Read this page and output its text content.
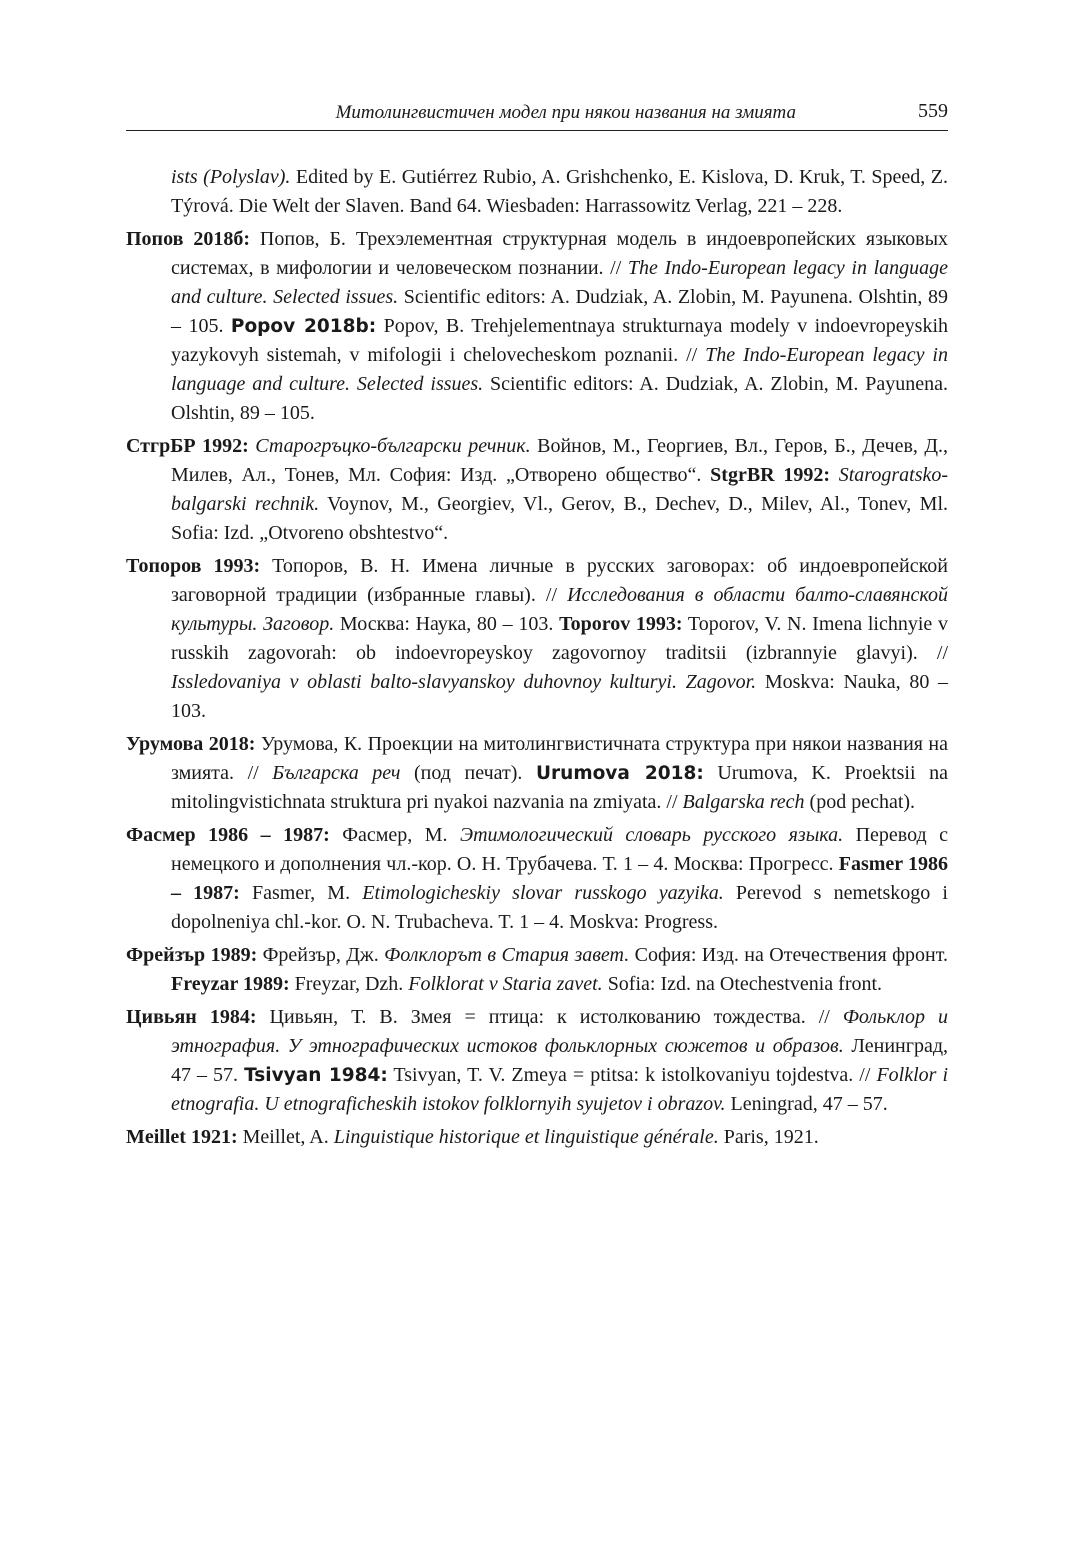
Митолингвистичен модел при някои названия на змията	559
ists (Polyslav). Edited by E. Gutiérrez Rubio, A. Grishchenko, E. Kislova, D. Kruk, T. Speed, Z. Týrová. Die Welt der Slaven. Band 64. Wiesbaden: Harrassowitz Verlag, 221 – 228.
Попов 2018б: Попов, Б. Трехэлементная структурная модель в индоевропейских языковых системах, в мифологии и человеческом познании. // The Indo-European legacy in language and culture. Selected issues. Scientific editors: A. Dudziak, A. Zlobin, M. Payunena. Olshtin, 89 – 105. Popov 2018b: Popov, B. Trehjelementnaya strukturnaya modely v indoevropeyskih yazykovyh sistemah, v mifologii i chelovecheskom poznanii. // The Indo-European legacy in language and culture. Selected issues. Scientific editors: A. Dudziak, A. Zlobin, M. Payunena. Olshtin, 89 – 105.
СтгрБР 1992: Старогръцко-български речник. Войнов, М., Георгиев, Вл., Геров, Б., Дечев, Д., Милев, Ал., Тонев, Мл. София: Изд. „Отворено общество“. StgrBR 1992: Starogratsko-balgarski rechnik. Voynov, M., Georgiev, Vl., Gerov, B., Dechev, D., Milev, Al., Tonev, Ml. Sofia: Izd. „Otvoreno obshtestvo“.
Топоров 1993: Топоров, В. Н. Имена личные в русских заговорах: об индоевропейской заговорной традиции (избранные главы). // Исследования в области балто-славянской культуры. Заговор. Москва: Наука, 80 – 103. Toporov 1993: Toporov, V. N. Imena lichnyie v russkih zagovorah: ob indoevropeyskoy zagovornoy traditsii (izbrannyie glavyi). // Issledovaniya v oblasti balto-slavyanskoy duhovnoy kulturyi. Zagovor. Moskva: Nauka, 80 – 103.
Урумова 2018: Урумова, К. Проекции на митолингвистичната структура при някои названия на змията. // Българска реч (под печат). Urumova 2018: Urumova, K. Proektsii na mitolingvistichnata struktura pri nyakoi nazvania na zmiyata. // Balgarska rech (pod pechat).
Фасмер 1986 – 1987: Фасмер, М. Этимологический словарь русского языка. Перевод с немецкого и дополнения чл.-кор. О. Н. Трубачева. Т. 1 – 4. Москва: Прогресс. Fasmer 1986 – 1987: Fasmer, M. Etimologicheskiy slovar russkogo yazyika. Perevod s nemetskogo i dopolneniya chl.-kor. O. N. Trubacheva. T. 1 – 4. Moskva: Progress.
Фрейзър 1989: Фрейзър, Дж. Фолклорът в Стария завет. София: Изд. на Отечествения фронт. Freyzar 1989: Freyzar, Dzh. Folklorat v Staria zavet. Sofia: Izd. na Otechestvenia front.
Цивьян 1984: Цивьян, Т. В. Змея = птица: к истолкованию тождества. // Фольклор и этнография. У этнографических истоков фольклорных сюжетов и образов. Ленинград, 47 – 57. Tsivyan 1984: Tsivyan, T. V. Zmeya = ptitsa: k istolkovaniyu tojdestva. // Folklor i etnografia. U etnograficheskih istokov folklornyih syujetov i obrazov. Leningrad, 47 – 57.
Meillet 1921: Meillet, A. Linguistique historique et linguistique générale. Paris, 1921.
